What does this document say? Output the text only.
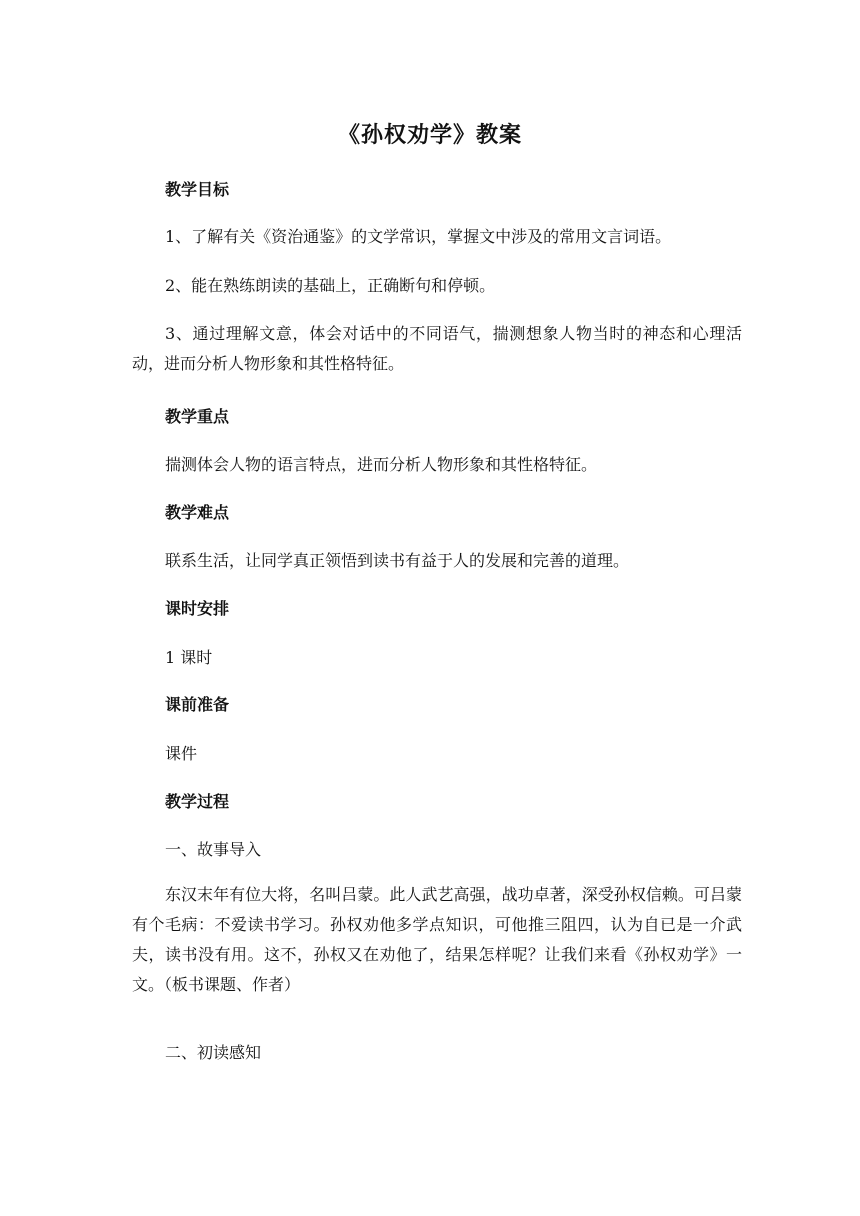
《孙权劝学》教案
教学目标
1、了解有关《资治通鉴》的文学常识，掌握文中涉及的常用文言词语。
2、能在熟练朗读的基础上，正确断句和停顿。
3、通过理解文意，体会对话中的不同语气，揣测想象人物当时的神态和心理活动，进而分析人物形象和其性格特征。
教学重点
揣测体会人物的语言特点，进而分析人物形象和其性格特征。
教学难点
联系生活，让同学真正领悟到读书有益于人的发展和完善的道理。
课时安排
1 课时
课前准备
课件
教学过程
一、故事导入
东汉末年有位大将，名叫吕蒙。此人武艺高强，战功卓著，深受孙权信赖。可吕蒙有个毛病：不爱读书学习。孙权劝他多学点知识，可他推三阻四，认为自已是一介武夫，读书没有用。这不，孙权又在劝他了，结果怎样呢？让我们来看《孙权劝学》一文。（板书课题、作者）
二、初读感知
